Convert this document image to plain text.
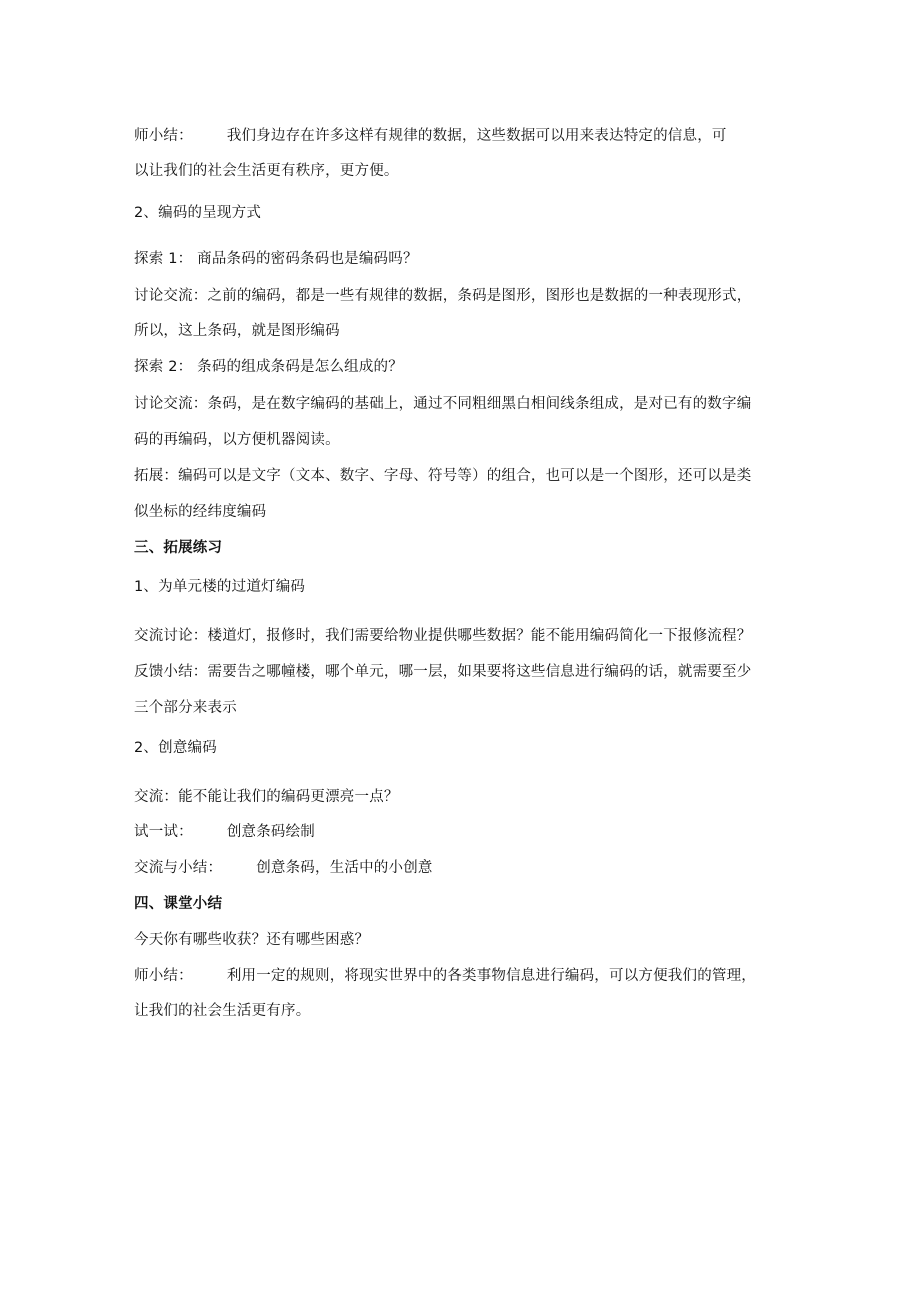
师小结： 我们身边存在许多这样有规律的数据，这些数据可以用来表达特定的信息，可
以让我们的社会生活更有秩序，更方便。
2、编码的呈现方式
探索 1： 商品条码的密码条码也是编码吗？
讨论交流：之前的编码，都是一些有规律的数据，条码是图形，图形也是数据的一种表现形式，
所以，这上条码，就是图形编码
探索 2： 条码的组成条码是怎么组成的？
讨论交流：条码，是在数字编码的基础上，通过不同粗细黑白相间线条组成，是对已有的数字编
码的再编码，以方便机器阅读。
拓展：编码可以是文字（文本、数字、字母、符号等）的组合，也可以是一个图形，还可以是类
似坐标的经纬度编码
三、拓展练习
1、为单元楼的过道灯编码
交流讨论：楼道灯，报修时，我们需要给物业提供哪些数据？能不能用编码简化一下报修流程？
反馈小结：需要告之哪幢楼，哪个单元，哪一层，如果要将这些信息进行编码的话，就需要至少
三个部分来表示
2、创意编码
交流：能不能让我们的编码更漂亮一点？
试一试： 创意条码绘制
交流与小结： 创意条码，生活中的小创意
四、课堂小结
今天你有哪些收获？还有哪些困惑？
师小结： 利用一定的规则，将现实世界中的各类事物信息进行编码，可以方便我们的管理，
让我们的社会生活更有序。
